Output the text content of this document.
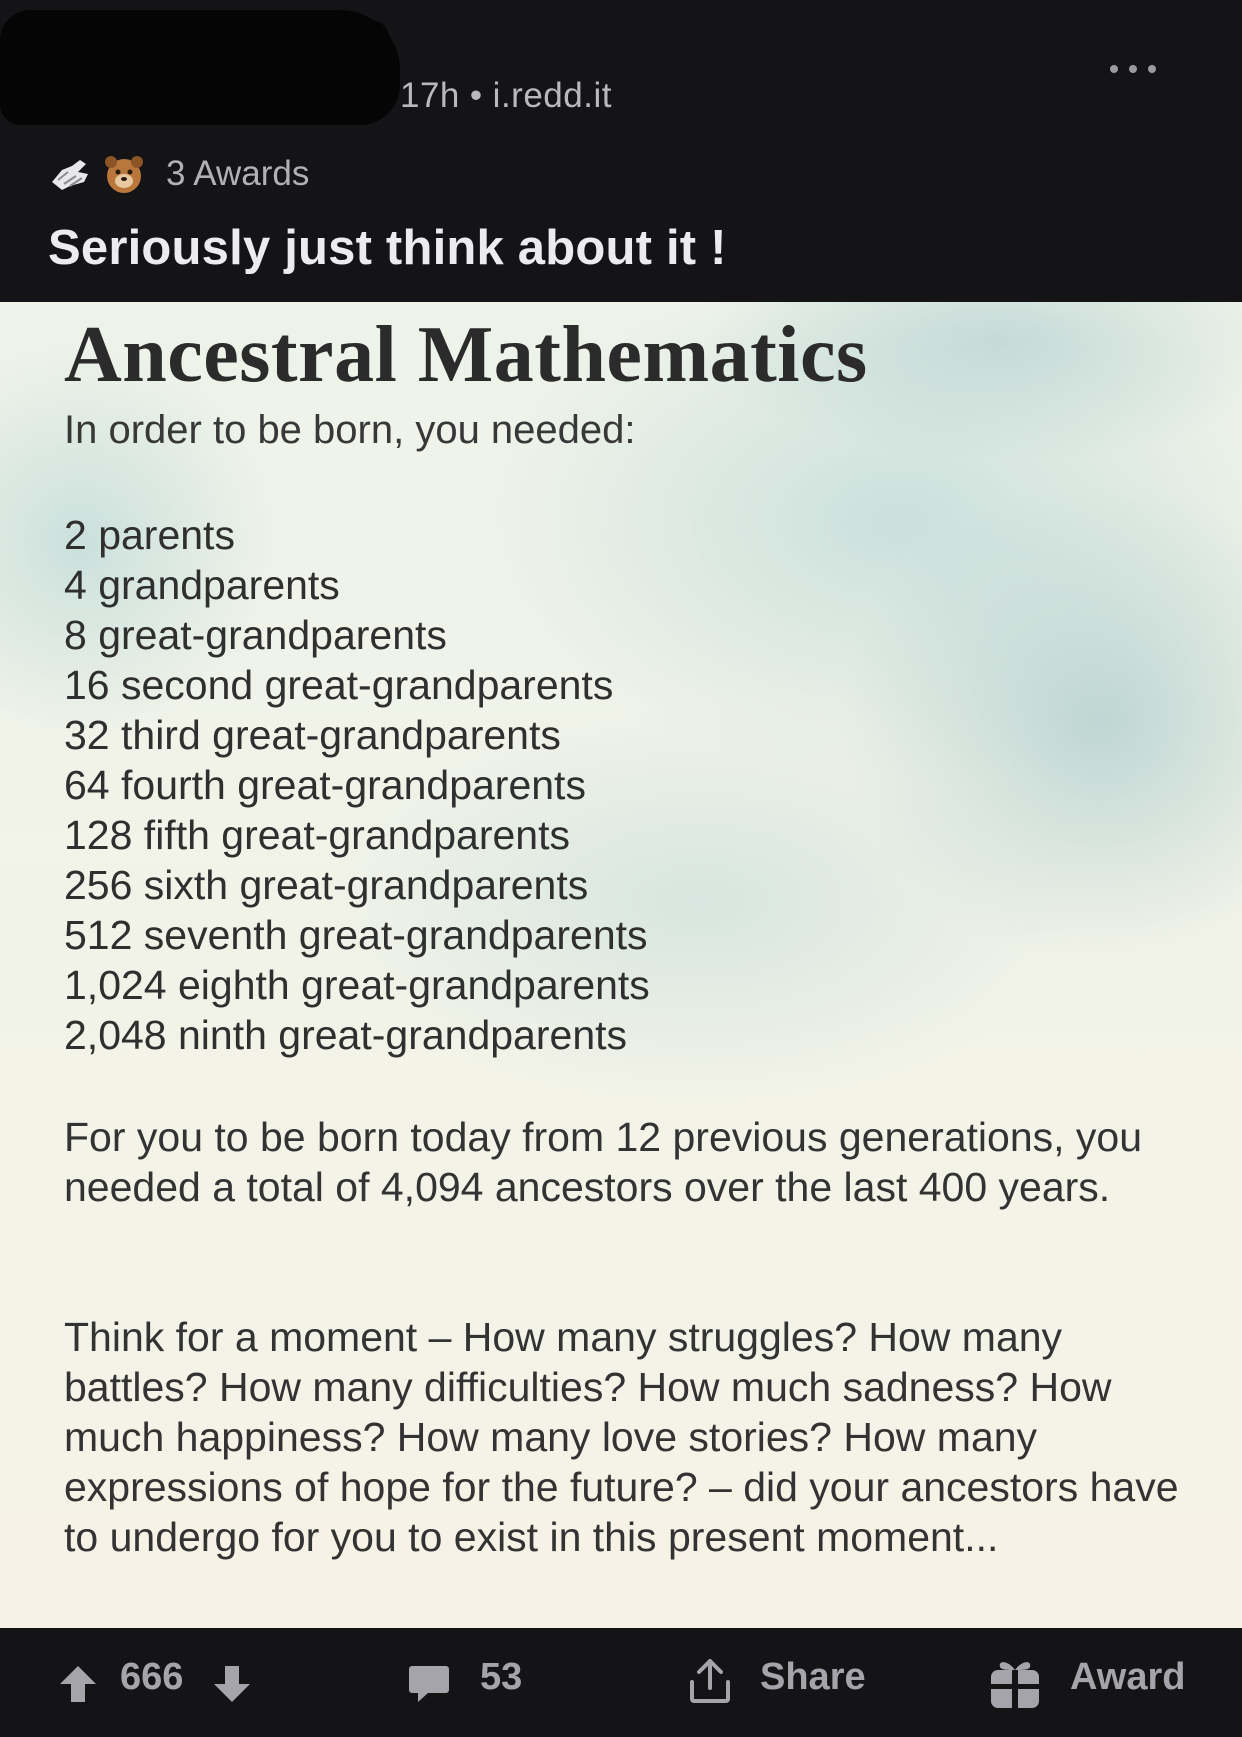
17h • i.redd.it
3 Awards
Seriously just think about it !
Ancestral Mathematics
In order to be born, you needed:
2 parents
4 grandparents
8 great-grandparents
16 second great-grandparents
32 third great-grandparents
64 fourth great-grandparents
128 fifth great-grandparents
256 sixth great-grandparents
512 seventh great-grandparents
1,024 eighth great-grandparents
2,048 ninth great-grandparents
For you to be born today from 12 previous generations, you needed a total of 4,094 ancestors over the last 400 years.
Think for a moment – How many struggles? How many battles? How many difficulties? How much sadness? How much happiness? How many love stories? How many expressions of hope for the future? – did your ancestors have to undergo for you to exist in this present moment...
666	53	Share	Award
